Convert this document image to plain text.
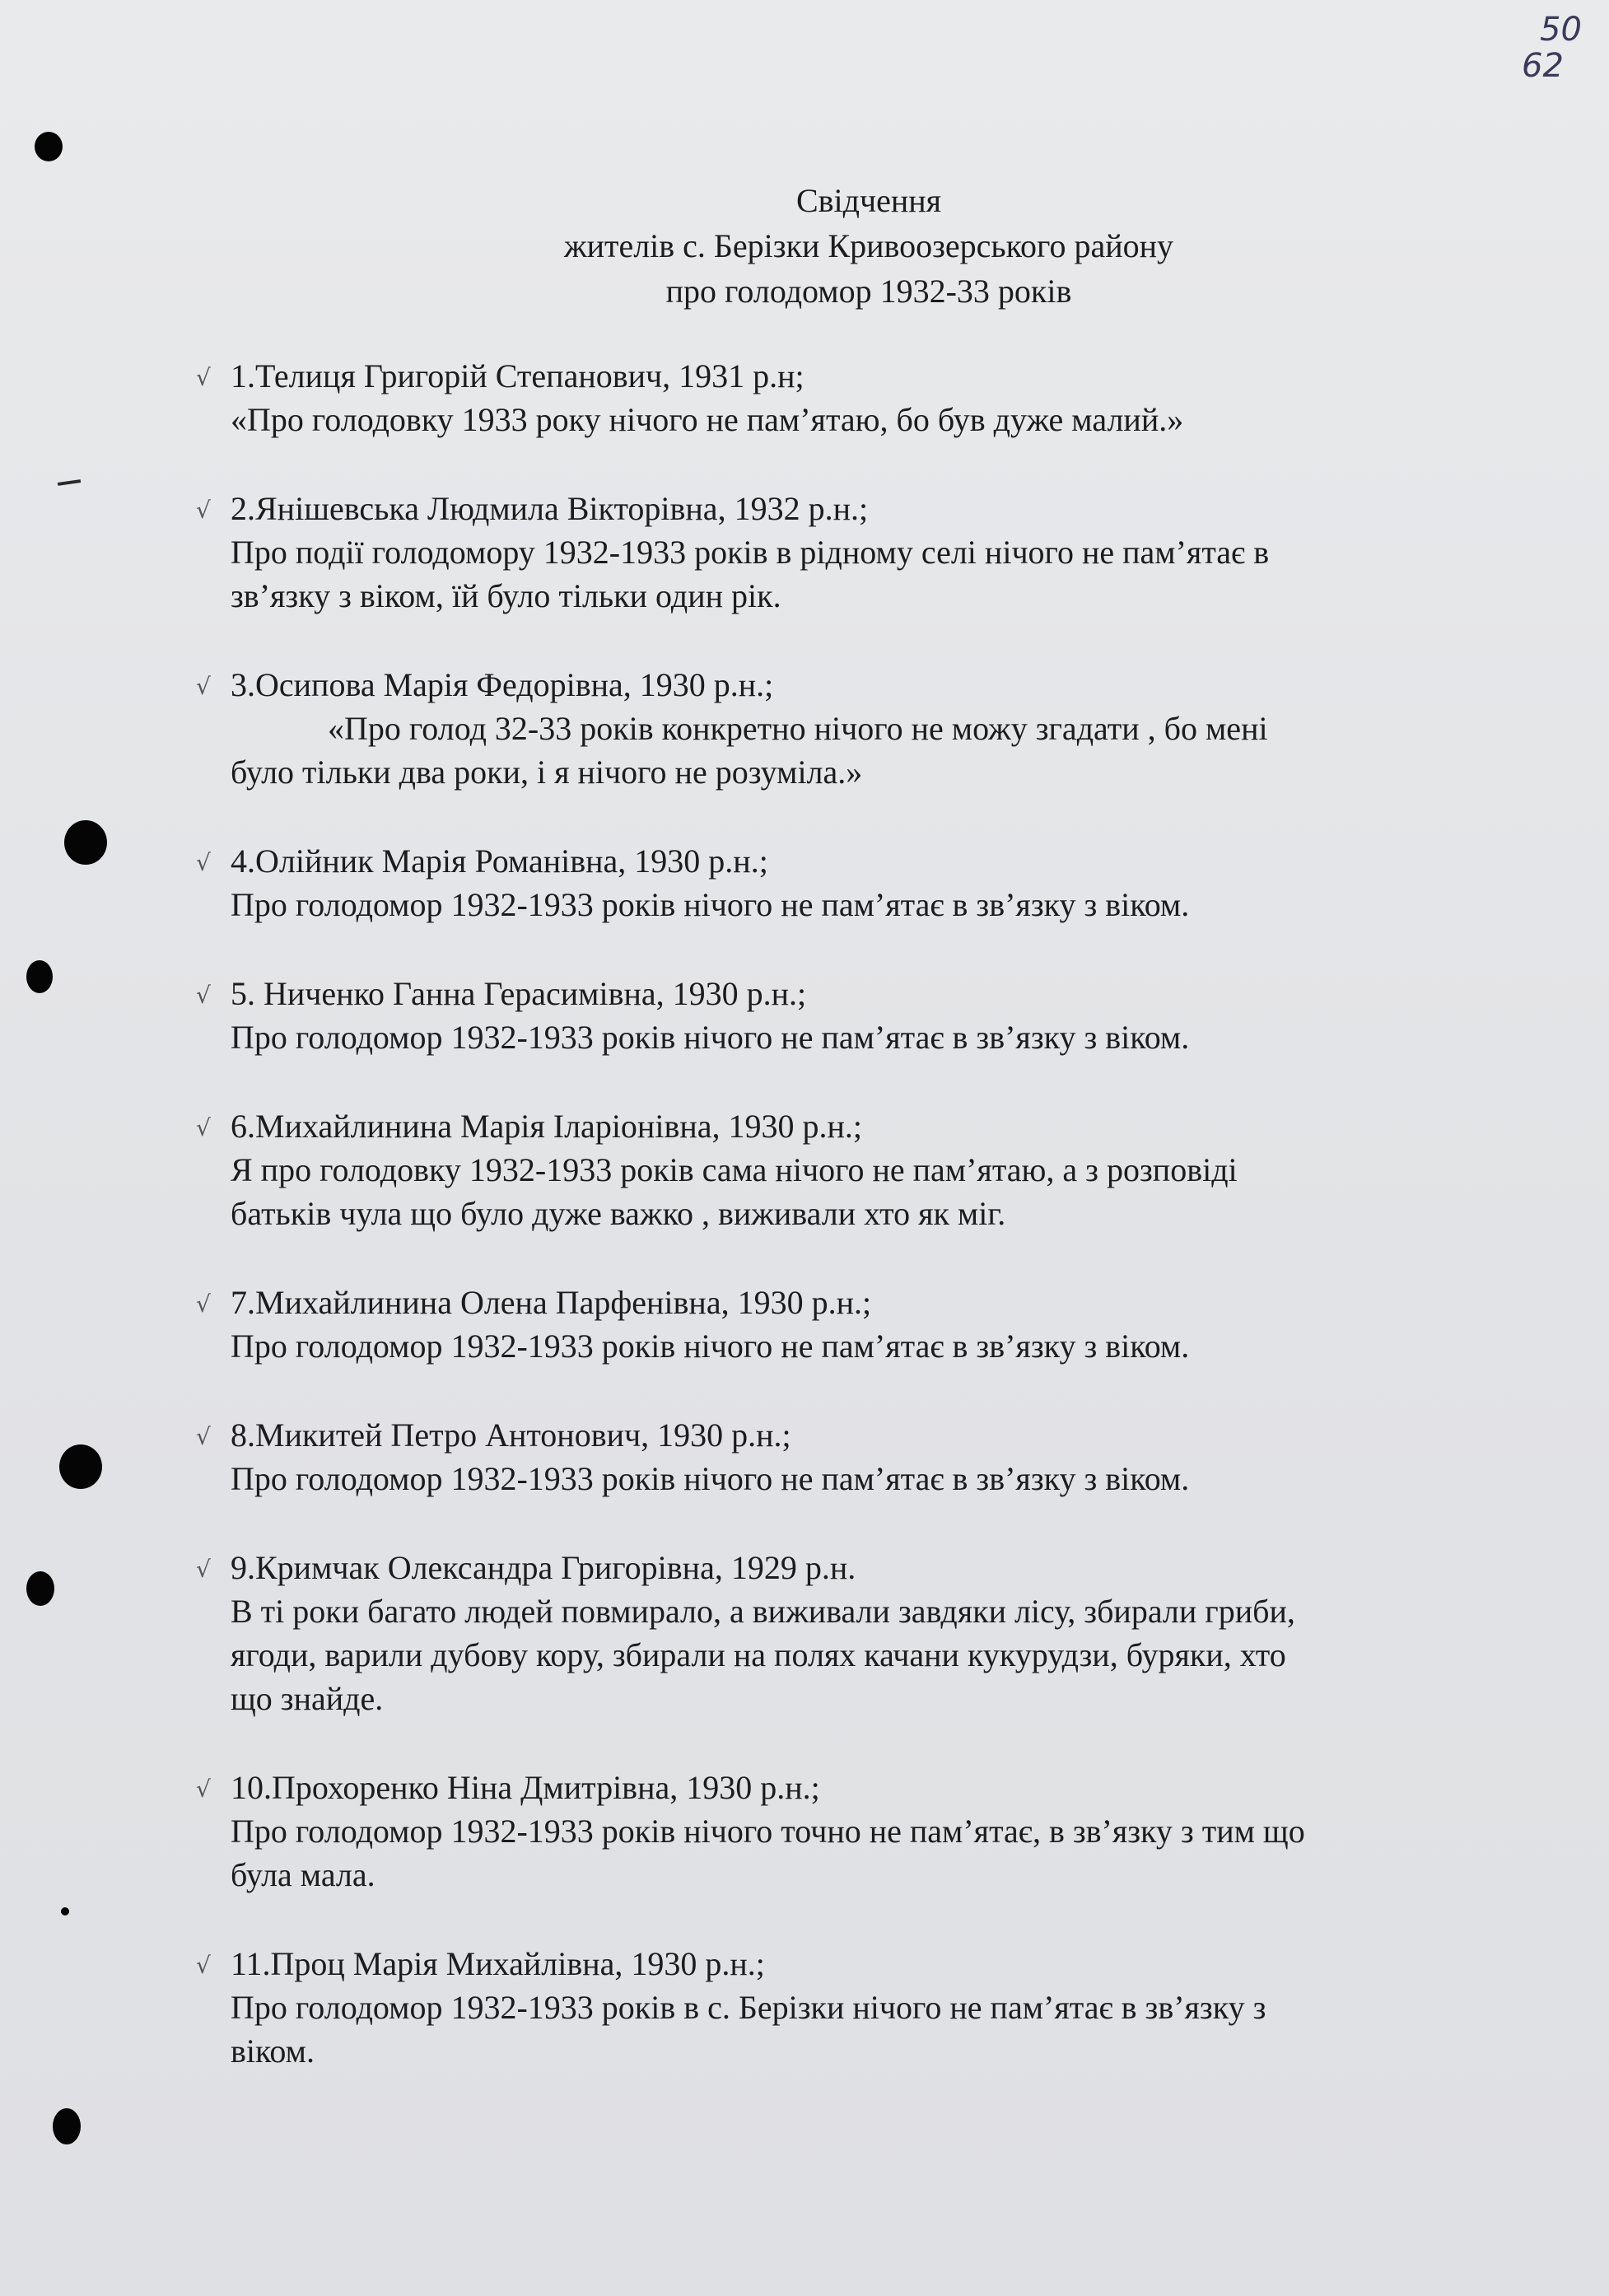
50
62
Свідчення
жителів с. Берізки Кривоозерського району
про голодомор 1932-33 років
√ 1.Телиця Григорій Степанович, 1931 р.н;
«Про голодовку 1933 року нічого не пам’ятаю, бо був дуже малий.»
√ 2.Янішевська Людмила Вікторівна, 1932 р.н.;
Про події голодомору 1932-1933 років в рідному селі нічого не пам’ятає в
зв’язку з віком, їй було тільки один рік.
√ 3.Осипова Марія Федорівна, 1930 р.н.;
«Про голод 32-33 років конкретно нічого не можу згадати , бо мені
було тільки два роки, і я нічого не розуміла.»
√ 4.Олійник Марія Романівна, 1930 р.н.;
Про голодомор 1932-1933 років нічого не пам’ятає в зв’язку з віком.
√ 5. Ниченко Ганна Герасимівна, 1930 р.н.;
Про голодомор 1932-1933 років нічого не пам’ятає в зв’язку з віком.
√ 6.Михайлинина Марія Іларіонівна, 1930 р.н.;
Я про голодовку 1932-1933 років сама нічого не пам’ятаю, а з розповіді
батьків чула що було дуже важко , виживали хто як міг.
√ 7.Михайлинина Олена Парфенівна, 1930 р.н.;
Про голодомор 1932-1933 років нічого не пам’ятає в зв’язку з віком.
√ 8.Микитей Петро Антонович, 1930 р.н.;
Про голодомор 1932-1933 років нічого не пам’ятає в зв’язку з віком.
√ 9.Кримчак Олександра Григорівна, 1929 р.н.
В ті роки багато людей повмирало, а виживали завдяки лісу, збирали гриби,
ягоди, варили дубову кору, збирали на полях качани кукурудзи, буряки, хто
що знайде.
√ 10.Прохоренко Ніна Дмитрівна, 1930 р.н.;
Про голодомор 1932-1933 років нічого точно не пам’ятає, в зв’язку з тим що
була мала.
√ 11.Проц Марія Михайлівна, 1930 р.н.;
Про голодомор 1932-1933 років в с. Берізки нічого не пам’ятає в зв’язку з
віком.
